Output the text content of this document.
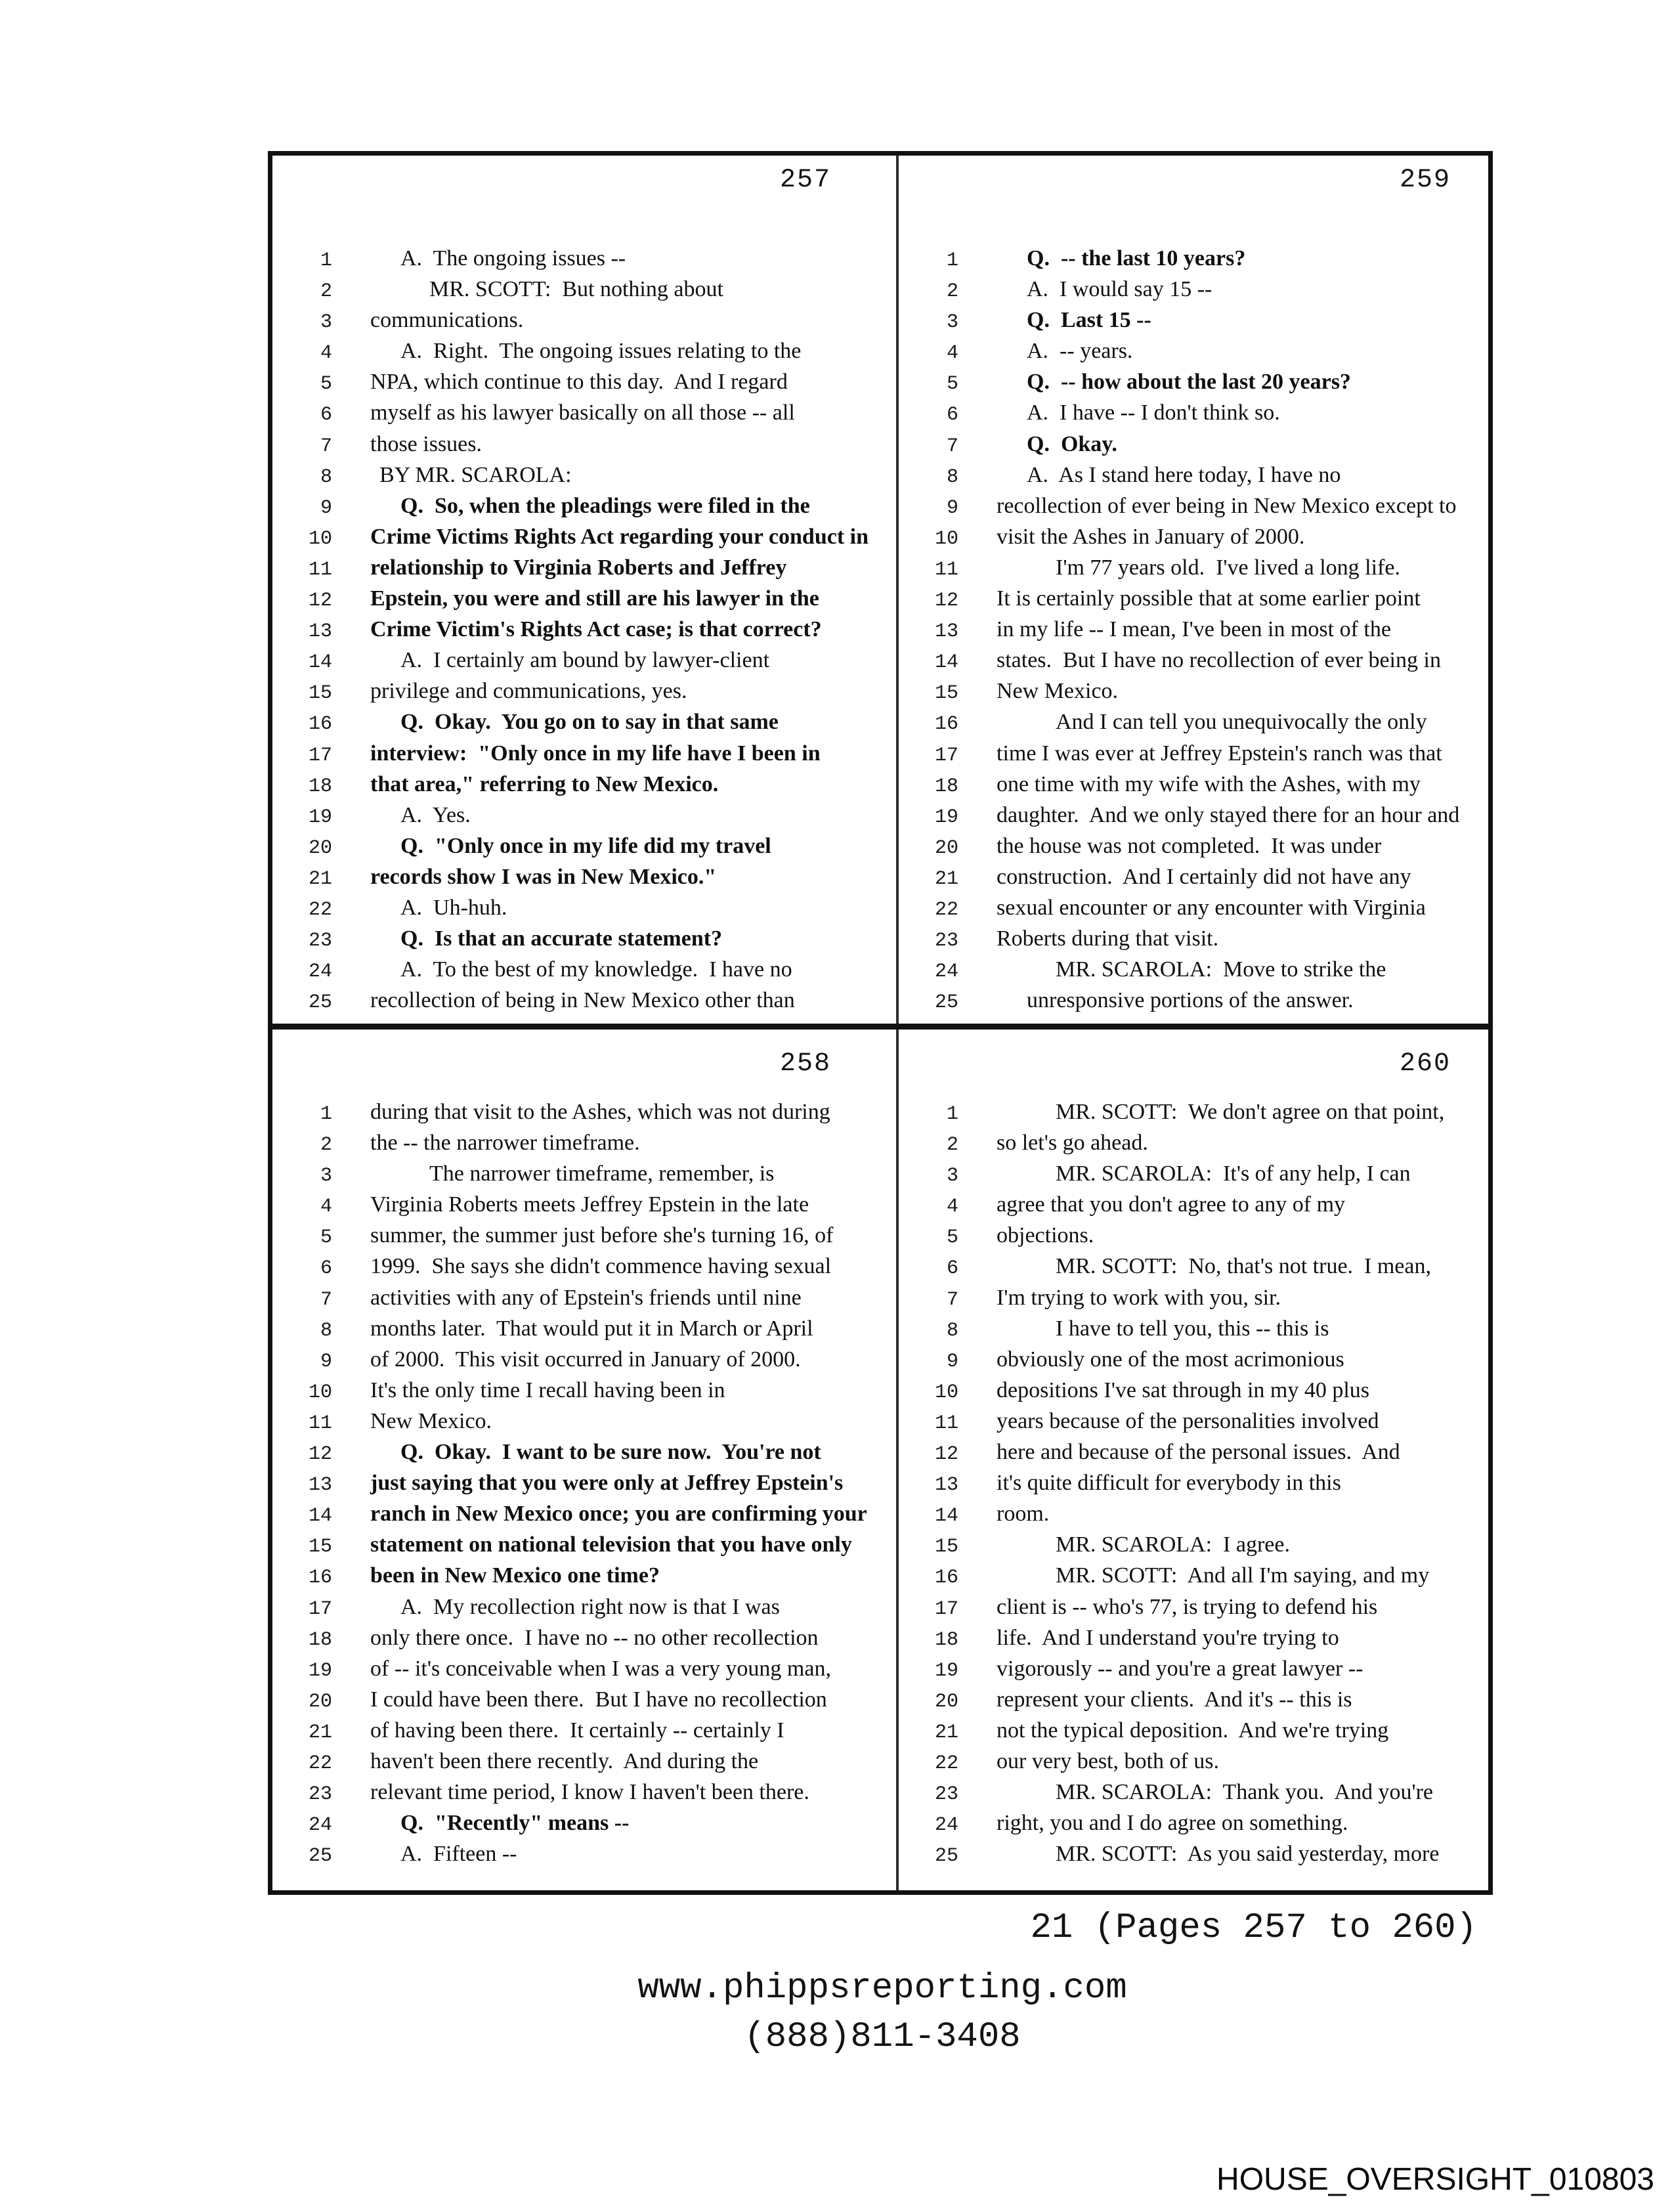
257
1	A.  The ongoing issues --
2	MR. SCOTT:  But nothing about
3 communications.
4	A.  Right.  The ongoing issues relating to the
5 NPA, which continue to this day.  And I regard
6 myself as his lawyer basically on all those -- all
7 those issues.
8 BY MR. SCAROLA:
9	Q.  So, when the pleadings were filed in the
10 Crime Victims Rights Act regarding your conduct in
11 relationship to Virginia Roberts and Jeffrey
12 Epstein, you were and still are his lawyer in the
13 Crime Victim's Rights Act case; is that correct?
14	A.  I certainly am bound by lawyer-client
15 privilege and communications, yes.
16	Q.  Okay.  You go on to say in that same
17 interview:  "Only once in my life have I been in
18 that area," referring to New Mexico.
19	A.  Yes.
20	Q.  "Only once in my life did my travel
21 records show I was in New Mexico."
22	A.  Uh-huh.
23	Q.  Is that an accurate statement?
24	A.  To the best of my knowledge.  I have no
25 recollection of being in New Mexico other than
259
1	Q.  -- the last 10 years?
2	A.  I would say 15 --
3	Q.  Last 15 --
4	A.  -- years.
5	Q.  -- how about the last 20 years?
6	A.  I have -- I don't think so.
7	Q.  Okay.
8	A.  As I stand here today, I have no
9 recollection of ever being in New Mexico except to
10 visit the Ashes in January of 2000.
11	I'm 77 years old.  I've lived a long life.
12 It is certainly possible that at some earlier point
13 in my life -- I mean, I've been in most of the
14 states.  But I have no recollection of ever being in
15 New Mexico.
16	And I can tell you unequivocally the only
17 time I was ever at Jeffrey Epstein's ranch was that
18 one time with my wife with the Ashes, with my
19 daughter.  And we only stayed there for an hour and
20 the house was not completed.  It was under
21 construction.  And I certainly did not have any
22 sexual encounter or any encounter with Virginia
23 Roberts during that visit.
24	MR. SCAROLA:  Move to strike the
25	unresponsive portions of the answer.
258
1 during that visit to the Ashes, which was not during
2 the -- the narrower timeframe.
3	The narrower timeframe, remember, is
4 Virginia Roberts meets Jeffrey Epstein in the late
5 summer, the summer just before she's turning 16, of
6 1999.  She says she didn't commence having sexual
7 activities with any of Epstein's friends until nine
8 months later.  That would put it in March or April
9 of 2000.  This visit occurred in January of 2000.
10 It's the only time I recall having been in
11 New Mexico.
12	Q.  Okay.  I want to be sure now.  You're not
13 just saying that you were only at Jeffrey Epstein's
14 ranch in New Mexico once; you are confirming your
15 statement on national television that you have only
16 been in New Mexico one time?
17	A.  My recollection right now is that I was
18 only there once.  I have no -- no other recollection
19 of -- it's conceivable when I was a very young man,
20 I could have been there.  But I have no recollection
21 of having been there.  It certainly -- certainly I
22 haven't been there recently.  And during the
23 relevant time period, I know I haven't been there.
24	Q.  "Recently" means --
25	A.  Fifteen --
260
1	MR. SCOTT:  We don't agree on that point,
2 so let's go ahead.
3	MR. SCAROLA:  It's of any help, I can
4 agree that you don't agree to any of my
5 objections.
6	MR. SCOTT:  No, that's not true.  I mean,
7 I'm trying to work with you, sir.
8	I have to tell you, this -- this is
9 obviously one of the most acrimonious
10 depositions I've sat through in my 40 plus
11 years because of the personalities involved
12 here and because of the personal issues.  And
13 it's quite difficult for everybody in this
14 room.
15	MR. SCAROLA:  I agree.
16	MR. SCOTT:  And all I'm saying, and my
17 client is -- who's 77, is trying to defend his
18 life.  And I understand you're trying to
19 vigorously -- and you're a great lawyer --
20 represent your clients.  And it's -- this is
21 not the typical deposition.  And we're trying
22 our very best, both of us.
23	MR. SCAROLA:  Thank you.  And you're
24 right, you and I do agree on something.
25	MR. SCOTT:  As you said yesterday, more
21 (Pages 257 to 260)
www.phippsreporting.com
(888)811-3408
HOUSE_OVERSIGHT_010803
